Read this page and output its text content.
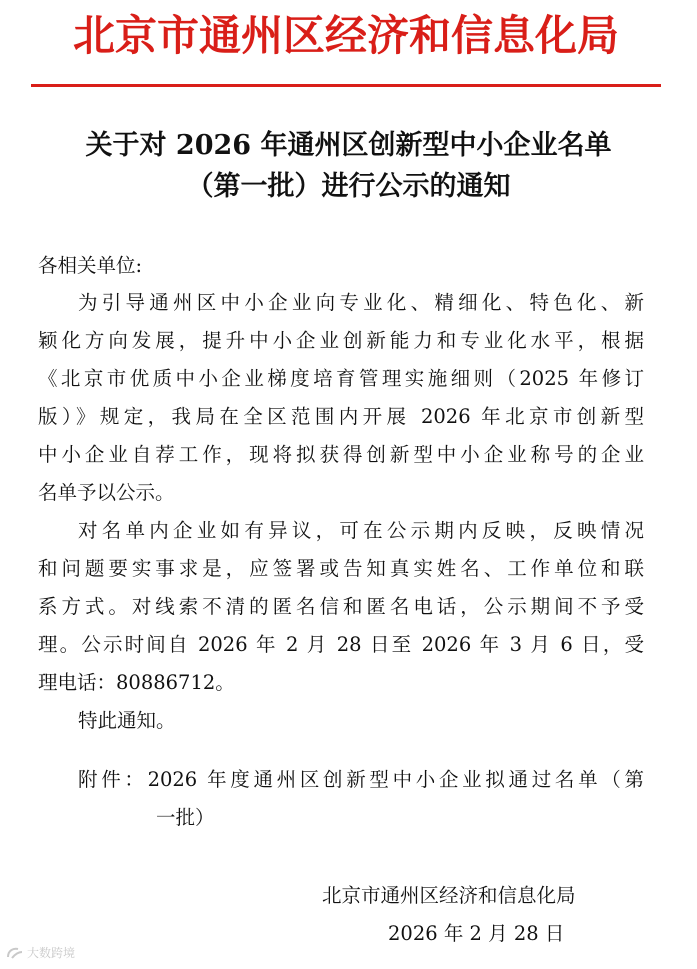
北京市通州区经济和信息化局
关于对 2026 年通州区创新型中小企业名单
（第一批）进行公示的通知
各相关单位:
为引导通州区中小企业向专业化、精细化、特色化、新
颖化方向发展，提升中小企业创新能力和专业化水平，根据
《北京市优质中小企业梯度培育管理实施细则（2025 年修订
版）》规定，我局在全区范围内开展 2026 年北京市创新型
中小企业自荐工作，现将拟获得创新型中小企业称号的企业
名单予以公示。
对名单内企业如有异议，可在公示期内反映，反映情况
和问题要实事求是，应签署或告知真实姓名、工作单位和联
系方式。对线索不清的匿名信和匿名电话，公示期间不予受
理。公示时间自 2026 年 2 月 28 日至 2026 年 3 月 6 日，受
理电话：80886712。
特此通知。
附件：2026 年度通州区创新型中小企业拟通过名单（第
一批）
北京市通州区经济和信息化局
2026 年 2 月 28 日
大数跨境
